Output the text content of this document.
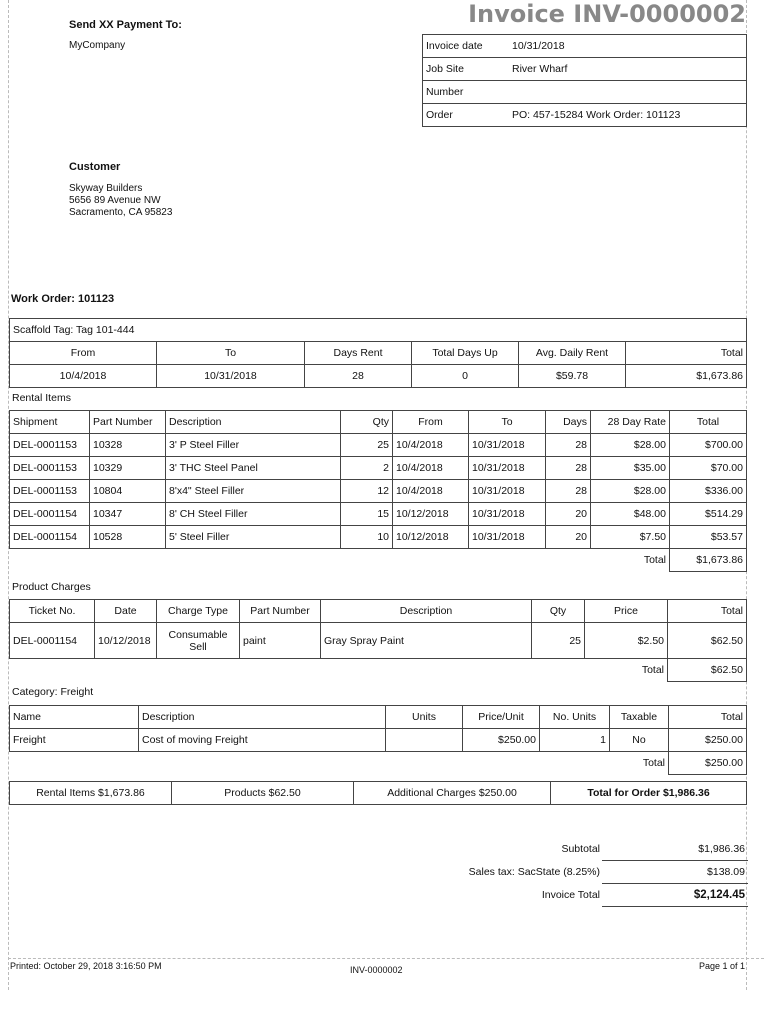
Invoice INV-0000002
Send XX Payment To:
MyCompany	Invoice date	10/31/2018
Job Site	River Wharf
Number	
Order	PO: 457-15284 Work Order: 101123
Customer
Skyway Builders
5656 89 Avenue NW
Sacramento, CA 95823
Work Order: 101123
Scaffold Tag: Tag 101-444					
From	To	Days Rent	Total Days Up	Avg. Daily Rent	Total
10/4/2018	10/31/2018	28	0	$59.78	$1,673.86
Rental Items
Shipment	Part Number	Description	Qty	From	To	Days	28 Day Rate	Total
DEL-0001153	10328	3' P Steel Filler	25	10/4/2018	10/31/2018	28	$28.00	$700.00
DEL-0001153	10329	3' THC Steel Panel	2	10/4/2018	10/31/2018	28	$35.00	$70.00
DEL-0001153	10804	8'x4" Steel Filler	12	10/4/2018	10/31/2018	28	$28.00	$336.00
DEL-0001154	10347	8' CH Steel Filler	15	10/12/2018	10/31/2018	20	$48.00	$514.29
DEL-0001154	10528	5' Steel Filler	10	10/12/2018	10/31/2018	20	$7.50	$53.57
							Total	$1,673.86
Product Charges
Ticket No.	Date	Charge Type	Part Number	Description	Qty	Price	Total
DEL-0001154	10/12/2018	Consumable Sell	paint	Gray Spray Paint	25	$2.50	$62.50
						Total	$62.50
Category: Freight
Name	Description	Units	Price/Unit	No. Units	Taxable	Total
Freight	Cost of moving Freight		$250.00	1	No	$250.00
					Total	$250.00
Rental Items $1,673.86	Products $62.50	Additional Charges $250.00	Total for Order $1,986.36
Subtotal	$1,986.36
Sales tax: SacState (8.25%)	$138.09
Invoice Total	$2,124.45
Printed: October 29, 2018 3:16:50 PM	INV-0000002	Page 1 of 1
